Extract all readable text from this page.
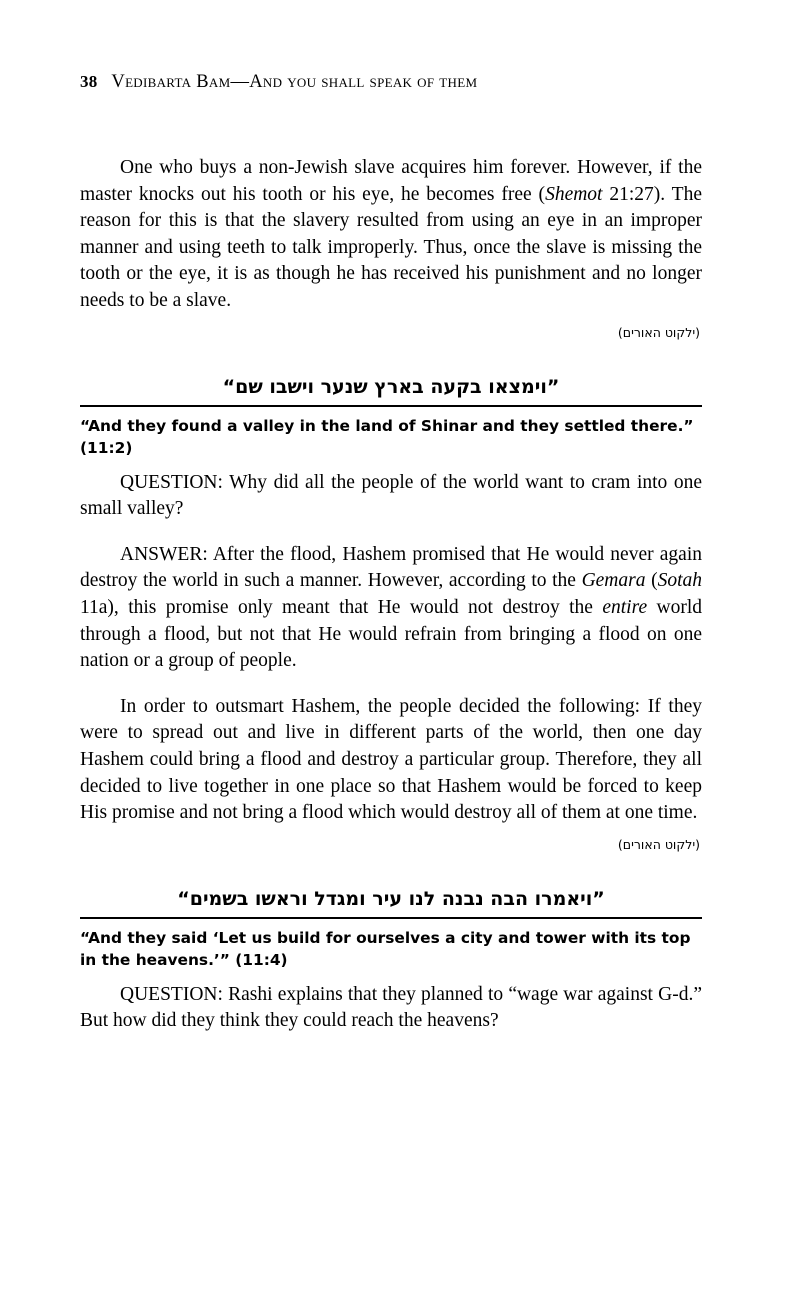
38 Vedibarta Bam—And you shall speak of them

One who buys a non-Jewish slave acquires him forever. However, if the master knocks out his tooth or his eye, he becomes free (Shemot 21:27). The reason for this is that the slavery resulted from using an eye in an improper manner and using teeth to talk improperly. Thus, once the slave is missing the tooth or the eye, it is as though he has received his punishment and no longer needs to be a slave.

(ילקוט האורים)

”וימצאו בקעה בארץ שנער וישבו שם“
“And they found a valley in the land of Shinar and they settled there.” (11:2)

QUESTION: Why did all the people of the world want to cram into one small valley?

ANSWER: After the flood, Hashem promised that He would never again destroy the world in such a manner. However, according to the Gemara (Sotah 11a), this promise only meant that He would not destroy the entire world through a flood, but not that He would refrain from bringing a flood on one nation or a group of people.

In order to outsmart Hashem, the people decided the following: If they were to spread out and live in different parts of the world, then one day Hashem could bring a flood and destroy a particular group. Therefore, they all decided to live together in one place so that Hashem would be forced to keep His promise and not bring a flood which would destroy all of them at one time.

(ילקוט האורים)

”ויאמרו הבה נבנה לנו עיר ומגדל וראשו בשמים“
“And they said ‘Let us build for ourselves a city and tower with its top in the heavens.’” (11:4)

QUESTION: Rashi explains that they planned to “wage war against G-d.” But how did they think they could reach the heavens?
